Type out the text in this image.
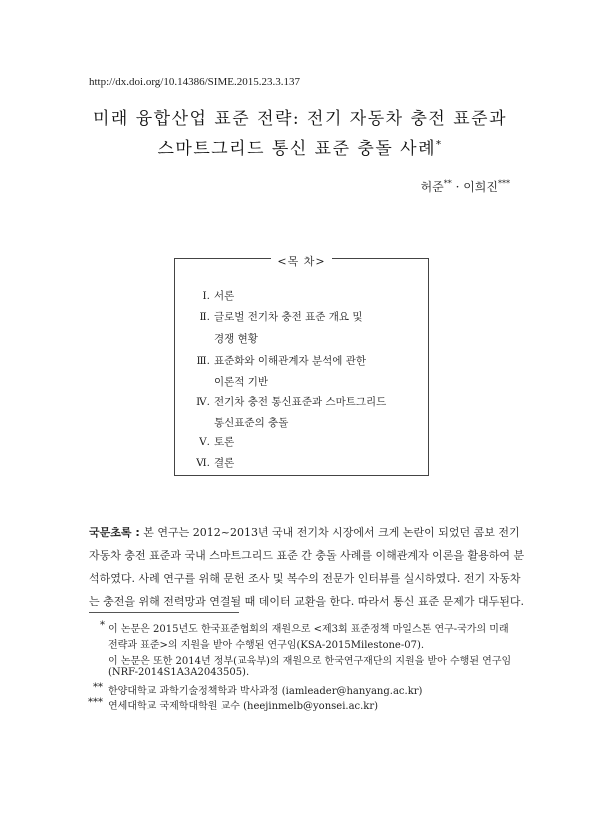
http://dx.doi.org/10.14386/SIME.2015.23.3.137
미래 융합산업 표준 전략: 전기 자동차 충전 표준과
스마트그리드 통신 표준 충돌 사례*
허준** · 이희진***
<목 차>
Ⅰ. 서론
Ⅱ. 글로벌 전기차 충전 표준 개요 및
경쟁 현황
Ⅲ. 표준화와 이해관계자 분석에 관한
이론적 기반
Ⅳ. 전기차 충전 통신표준과 스마트그리드
통신표준의 충돌
Ⅴ. 토론
Ⅵ. 결론
국문초록 : 본 연구는 2012~2013년 국내 전기차 시장에서 크게 논란이 되었던 콤보 전기
자동차 충전 표준과 국내 스마트그리드 표준 간 충돌 사례를 이해관계자 이론을 활용하여 분
석하였다. 사례 연구를 위해 문헌 조사 및 복수의 전문가 인터뷰를 실시하였다. 전기 자동차
는 충전을 위해 전력망과 연결될 때 데이터 교환을 한다. 따라서 통신 표준 문제가 대두된다.
* 이 논문은 2015년도 한국표준협회의 재원으로 <제3회 표준정책 마일스톤 연구-국가의 미래
전략과 표준>의 지원을 받아 수행된 연구임(KSA-2015Milestone-07).
이 논문은 또한 2014년 정부(교육부)의 재원으로 한국연구재단의 지원을 받아 수행된 연구임
(NRF-2014S1A3A2043505).
** 한양대학교 과학기술정책학과 박사과정 (iamleader@hanyang.ac.kr)
*** 연세대학교 국제학대학원 교수 (heejinmelb@yonsei.ac.kr)
